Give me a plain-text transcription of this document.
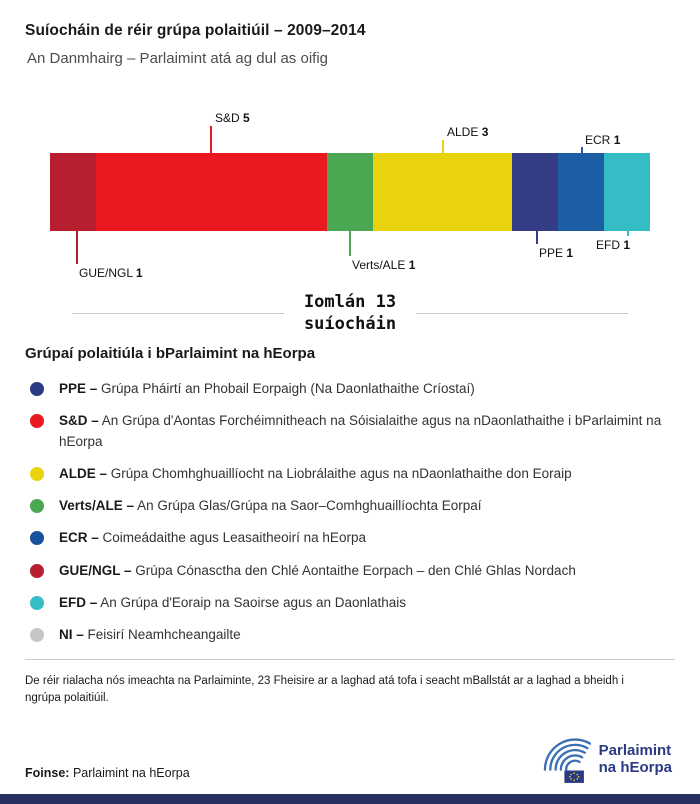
Suíocháin de réir grúpa polaitiúil – 2009–2014
An Danmhairg – Parlaimint atá ag dul as oifig
S&D 5
ALDE 3
ECR 1
EFD 1
PPE 1
Verts/ALE 1
GUE/NGL 1
Iomlán 13
suíocháin
Grúpaí polaitiúla i bParlaimint na hEorpa
PPE – Grúpa Pháirtí an Phobail Eorpaigh (Na Daonlathaithe Críostaí)
S&D – An Grúpa d'Aontas Forchéimnitheach na Sóisialaithe agus na nDaonlathaithe i bParlaimint na hEorpa
ALDE – Grúpa Chomhghuaillíocht na Liobrálaithe agus na nDaonlathaithe don Eoraip
Verts/ALE – An Grúpa Glas/Grúpa na Saor–Comhghuaillíochta Eorpaí
ECR – Coimeádaithe agus Leasaitheoirí na hEorpa
GUE/NGL – Grúpa Cónasctha den Chlé Aontaithe Eorpach – den Chlé Ghlas Nordach
EFD – An Grúpa d'Eoraip na Saoirse agus an Daonlathais
NI – Feisirí Neamhcheangailte
De réir rialacha nós imeachta na Parlaiminte, 23 Fheisire ar a laghad atá tofa i seacht mBallstát ar a laghad a bheidh i ngrúpa polaitiúil.
Foinse: Parlaimint na hEorpa
Parlaimint
na hEorpa
